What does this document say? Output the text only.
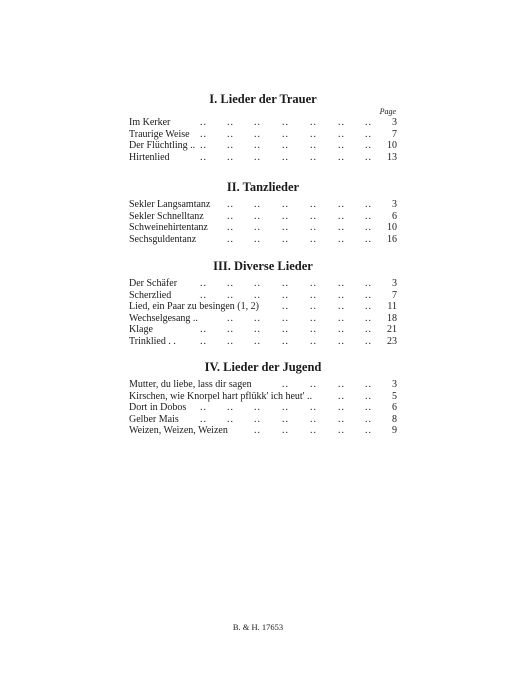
I. Lieder der Trauer
Page
.. .. .. .. .. .. ..
Im Kerker	3
.. .. .. .. .. .. ..
Traurige Weise	7
.. .. .. .. .. .. ..
Der Flüchtling ..	10
.. .. .. .. .. .. ..
Hirtenlied	13
II. Tanzlieder
.. .. .. .. .. ..
Sekler Langsamtanz	3
.. .. .. .. .. ..
Sekler Schnelltanz	6
.. .. .. .. .. ..
Schweinehirtentanz	10
.. .. .. .. .. ..
Sechsguldentanz	16
III. Diverse Lieder
.. .. .. .. .. .. ..
Der Schäfer	3
.. .. .. .. .. .. ..
Scherzlied	7
.. .. .. ..
Lied, ein Paar zu besingen (1, 2)	11
.. .. .. .. .. ..
Wechselgesang ..	18
.. .. .. .. .. .. ..
Klage	21
.. .. .. .. .. .. ..
Trinklied . .	23
IV. Lieder der Jugend
.. .. .. ..
Mutter, du liebe, lass dir sagen	3
.. ..
Kirschen, wie Knorpel hart pflükk' ich heut' ..	5
.. .. .. .. .. .. ..
Dort in Dobos	6
.. .. .. .. .. .. ..
Gelber Mais	8
.. .. .. .. ..
Weizen, Weizen, Weizen	9
B. & H. 17653
